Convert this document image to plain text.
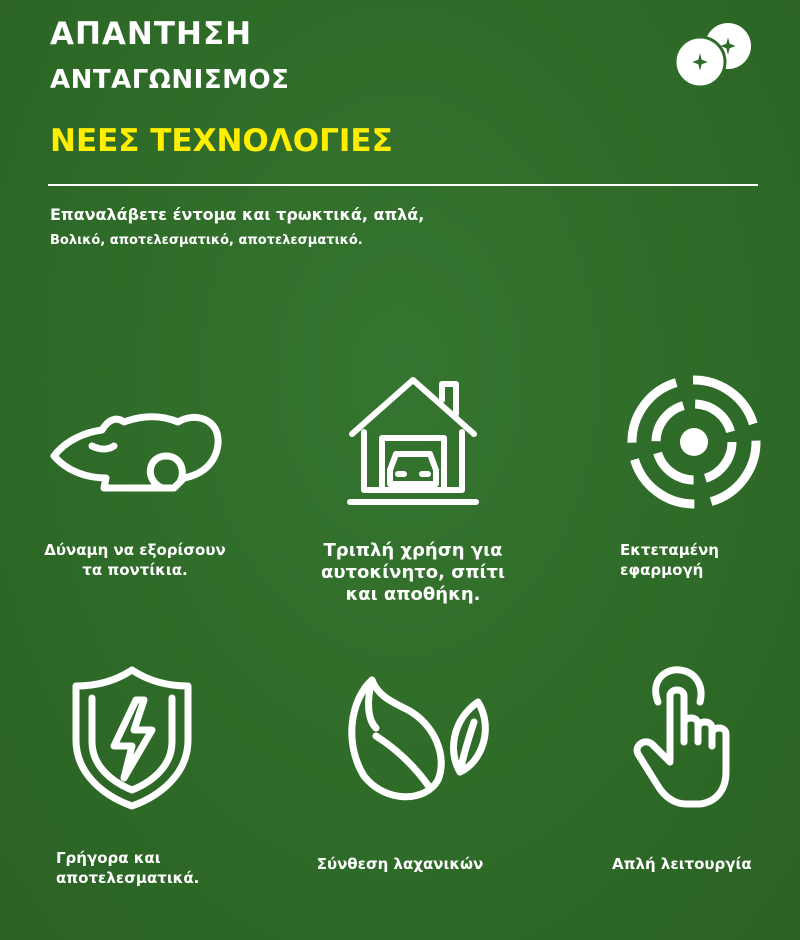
ΑΠΑΝΤΗΣΗ
ΑΝΤΑΓΩΝΙΣΜΟΣ
ΝΕΕΣ ΤΕΧΝΟΛΟΓΙΕΣ
Επαναλάβετε έντομα και τρωκτικά, απλά,
Βολικό, αποτελεσματικό, αποτελεσματικό.
Δύναμη να εξορίσουν
τα ποντίκια.
Τριπλή χρήση για
αυτοκίνητο, σπίτι
και αποθήκη.
Εκτεταμένη
εφαρμογή
Γρήγορα και
αποτελεσματικά.
Σύνθεση λαχανικών	Απλή λειτουργία
